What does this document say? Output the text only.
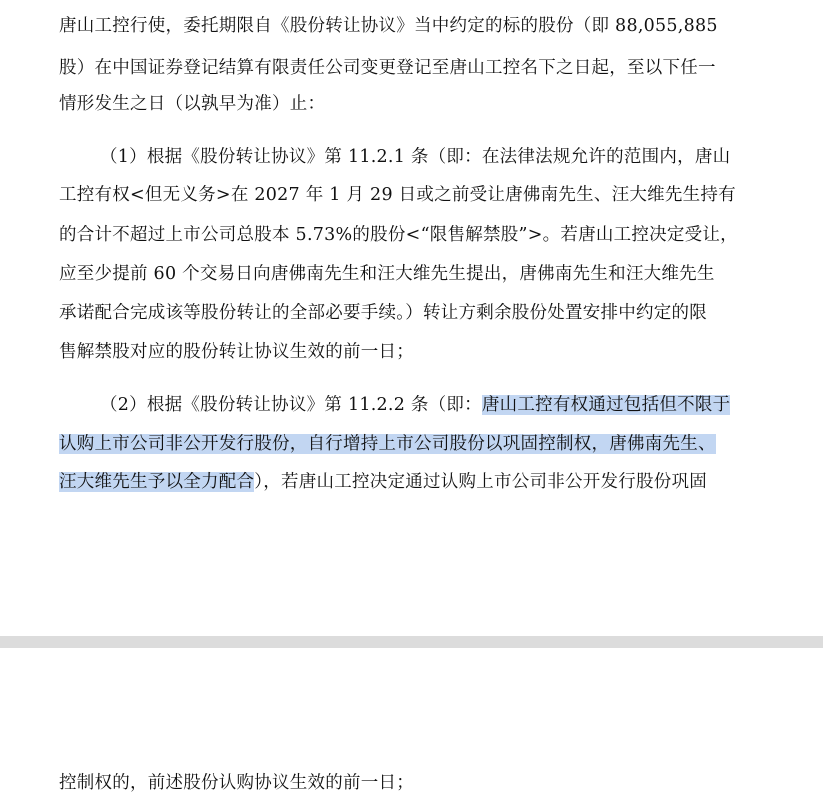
唐山工控行使，委托期限自《股份转让协议》当中约定的标的股份（即 88,055,885
股）在中国证券登记结算有限责任公司变更登记至唐山工控名下之日起，至以下任一
情形发生之日（以孰早为准）止：
（1）根据《股份转让协议》第 11.2.1 条（即：在法律法规允许的范围内，唐山
工控有权<但无义务>在 2027 年 1 月 29 日或之前受让唐佛南先生、汪大维先生持有
的合计不超过上市公司总股本 5.73%的股份<“限售解禁股”>。若唐山工控决定受让，
应至少提前 60 个交易日向唐佛南先生和汪大维先生提出，唐佛南先生和汪大维先生
承诺配合完成该等股份转让的全部必要手续。）转让方剩余股份处置安排中约定的限
售解禁股对应的股份转让协议生效的前一日；
（2）根据《股份转让协议》第 11.2.2 条（即：唐山工控有权通过包括但不限于
认购上市公司非公开发行股份，自行增持上市公司股份以巩固控制权，唐佛南先生、
汪大维先生予以全力配合），若唐山工控决定通过认购上市公司非公开发行股份巩固
控制权的，前述股份认购协议生效的前一日；
